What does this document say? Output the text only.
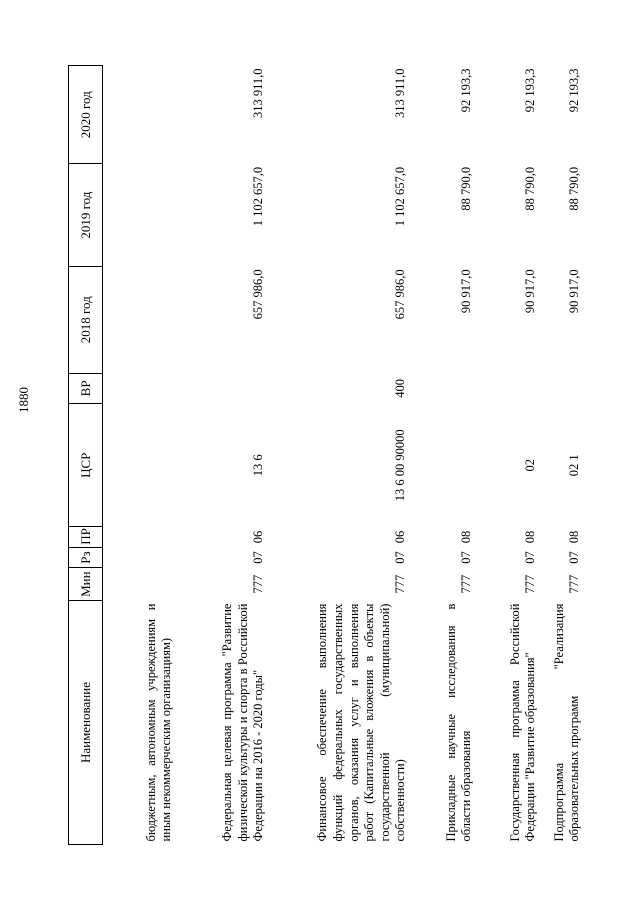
1880
Наименование	Мин	Рз	ПР	ЦСР	ВР	2018 год	2019 год	2020 год
бюджетным, автономным учреждениям и иным некоммерческим организациям)								
Федеральная целевая программа "Развитие физической культуры и спорта в Российской Федерации на 2016 - 2020 годы"	777	07	06	13 6		657 986,0	1 102 657,0	313 911,0
Финансовое обеспечение выполнения функций федеральных государственных органов, оказания услуг и выполнения работ (Капитальные вложения в объекты государственной (муниципальной) собственности)	777	07	06	13 6 00 90000	400	657 986,0	1 102 657,0	313 911,0
Прикладные научные исследования в области образования	777	07	08			90 917,0	88 790,0	92 193,3
Государственная программа Российской Федерации "Развитие образования"	777	07	08	02		90 917,0	88 790,0	92 193,3
Подпрограмма "Реализация образовательных программ	777	07	08	02 1		90 917,0	88 790,0	92 193,3
